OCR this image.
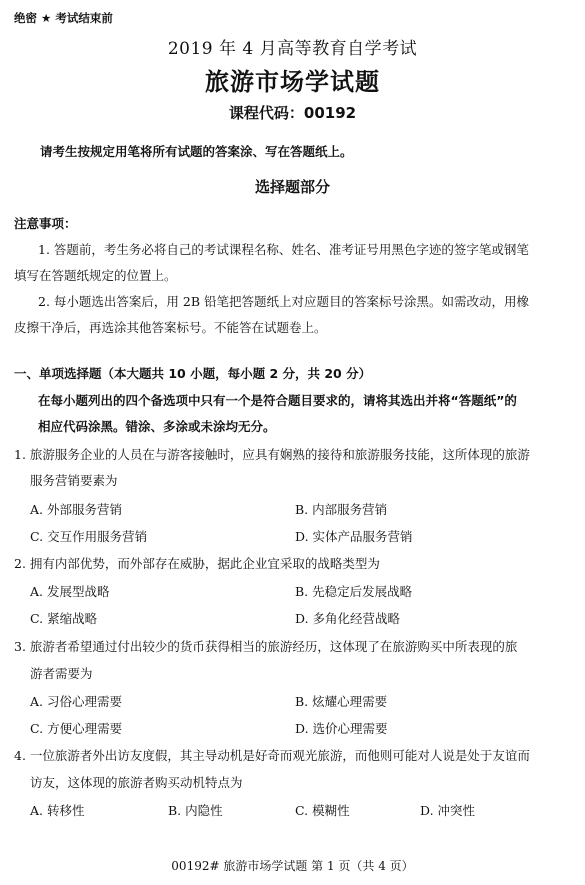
绝密 ★ 考试结束前
2019 年 4 月高等教育自学考试
旅游市场学试题
课程代码：00192
请考生按规定用笔将所有试题的答案涂、写在答题纸上。
选择题部分
注意事项：
1. 答题前，考生务必将自己的考试课程名称、姓名、准考证号用黑色字迹的签字笔或钢笔
填写在答题纸规定的位置上。
2. 每小题选出答案后，用 2B 铅笔把答题纸上对应题目的答案标号涂黑。如需改动，用橡
皮擦干净后，再选涂其他答案标号。不能答在试题卷上。
一、单项选择题（本大题共 10 小题，每小题 2 分，共 20 分）
在每小题列出的四个备选项中只有一个是符合题目要求的，请将其选出并将“答题纸”的
相应代码涂黑。错涂、多涂或未涂均无分。
1. 旅游服务企业的人员在与游客接触时，应具有娴熟的接待和旅游服务技能，这所体现的旅游
服务营销要素为
A. 外部服务营销	B. 内部服务营销
C. 交互作用服务营销	D. 实体产品服务营销
2. 拥有内部优势，而外部存在威胁，据此企业宜采取的战略类型为
A. 发展型战略	B. 先稳定后发展战略
C. 紧缩战略	D. 多角化经营战略
3. 旅游者希望通过付出较少的货币获得相当的旅游经历，这体现了在旅游购买中所表现的旅
游者需要为
A. 习俗心理需要	B. 炫耀心理需要
C. 方便心理需要	D. 选价心理需要
4. 一位旅游者外出访友度假，其主导动机是好奇而观光旅游，而他则可能对人说是处于友谊而
访友，这体现的旅游者购买动机特点为
A. 转移性	B. 内隐性	C. 模糊性	D. 冲突性
00192# 旅游市场学试题 第 1 页（共 4 页）
